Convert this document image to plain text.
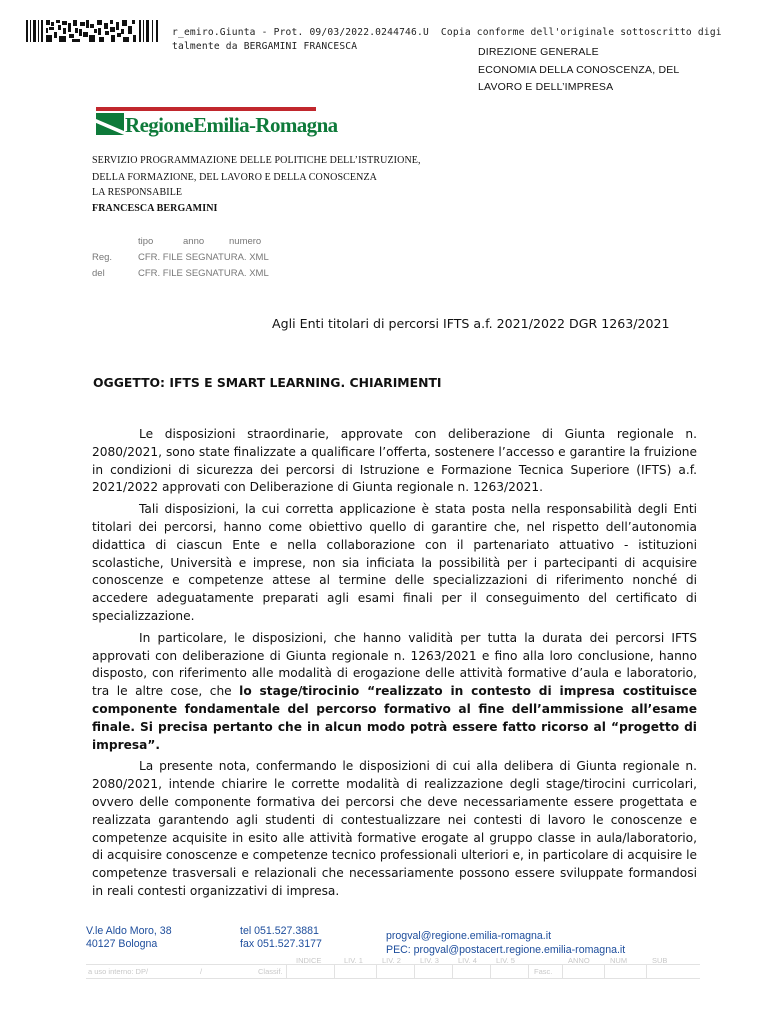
r_emiro.Giunta - Prot. 09/03/2022.0244746.U  Copia conforme dell'originale sottoscritto digi
talmente da BERGAMINI FRANCESCA	DIREZIONE GENERALE
ECONOMIA DELLA CONOSCENZA, DEL
LAVORO E DELL’IMPRESA
RegioneEmilia-Romagna
SERVIZIO PROGRAMMAZIONE DELLE POLITICHE DELL’ISTRUZIONE,
DELLA FORMAZIONE, DEL LAVORO E DELLA CONOSCENZA
LA RESPONSABILE
FRANCESCA BERGAMINI
tipo	anno	numero
Reg.	CFR. FILE SEGNATURA. XML
del	CFR. FILE SEGNATURA. XML
Agli Enti titolari di percorsi IFTS a.f. 2021/2022 DGR 1263/2021
OGGETTO: IFTS E SMART LEARNING. CHIARIMENTI

Le disposizioni straordinarie, approvate con deliberazione di Giunta regionale n. 2080/2021, sono state finalizzate a qualificare l’offerta, sostenere l’accesso e garantire la fruizione in condizioni di sicurezza dei percorsi di Istruzione e Formazione Tecnica Superiore (IFTS) a.f. 2021/2022 approvati con Deliberazione di Giunta regionale n. 1263/2021.

Tali disposizioni, la cui corretta applicazione è stata posta nella responsabilità degli Enti titolari dei percorsi, hanno come obiettivo quello di garantire che, nel rispetto dell’autonomia didattica di ciascun Ente e nella collaborazione con il partenariato attuativo - istituzioni scolastiche, Università e imprese, non sia inficiata la possibilità per i partecipanti di acquisire conoscenze e competenze attese al termine delle specializzazioni di riferimento nonché di accedere adeguatamente preparati agli esami finali per il conseguimento del certificato di specializzazione.

In particolare, le disposizioni, che hanno validità per tutta la durata dei percorsi IFTS approvati con deliberazione di Giunta regionale n. 1263/2021 e fino alla loro conclusione, hanno disposto, con riferimento alle modalità di erogazione delle attività formative d’aula e laboratorio, tra le altre cose, che lo stage/tirocinio “realizzato in contesto di impresa costituisce componente fondamentale del percorso formativo al fine dell’ammissione all’esame finale. Si precisa pertanto che in alcun modo potrà essere fatto ricorso al “progetto di impresa”.

La presente nota, confermando le disposizioni di cui alla delibera di Giunta regionale n. 2080/2021, intende chiarire le corrette modalità di realizzazione degli stage/tirocini curricolari, ovvero delle componente formativa dei percorsi che deve necessariamente essere progettata e realizzata garantendo agli studenti di contestualizzare nei contesti di lavoro le conoscenze e competenze acquisite in esito alle attività formative erogate al gruppo classe in aula/laboratorio, di acquisire conoscenze e competenze tecnico professionali ulteriori e, in particolare di acquisire le competenze trasversali e relazionali che necessariamente possono essere sviluppate formandosi in reali contesti organizzativi di impresa.

V.le Aldo Moro, 38
40127 Bologna
tel 051.527.3881
fax 051.527.3177
progval@regione.emilia-romagna.it
PEC: progval@postacert.regione.emilia-romagna.it
a uso interno: DP/	/	Classif.
INDICE	LIV. 1	LIV. 2	LIV. 3	LIV. 4	LIV. 5	ANNO	NUM	SUB
Fasc.
